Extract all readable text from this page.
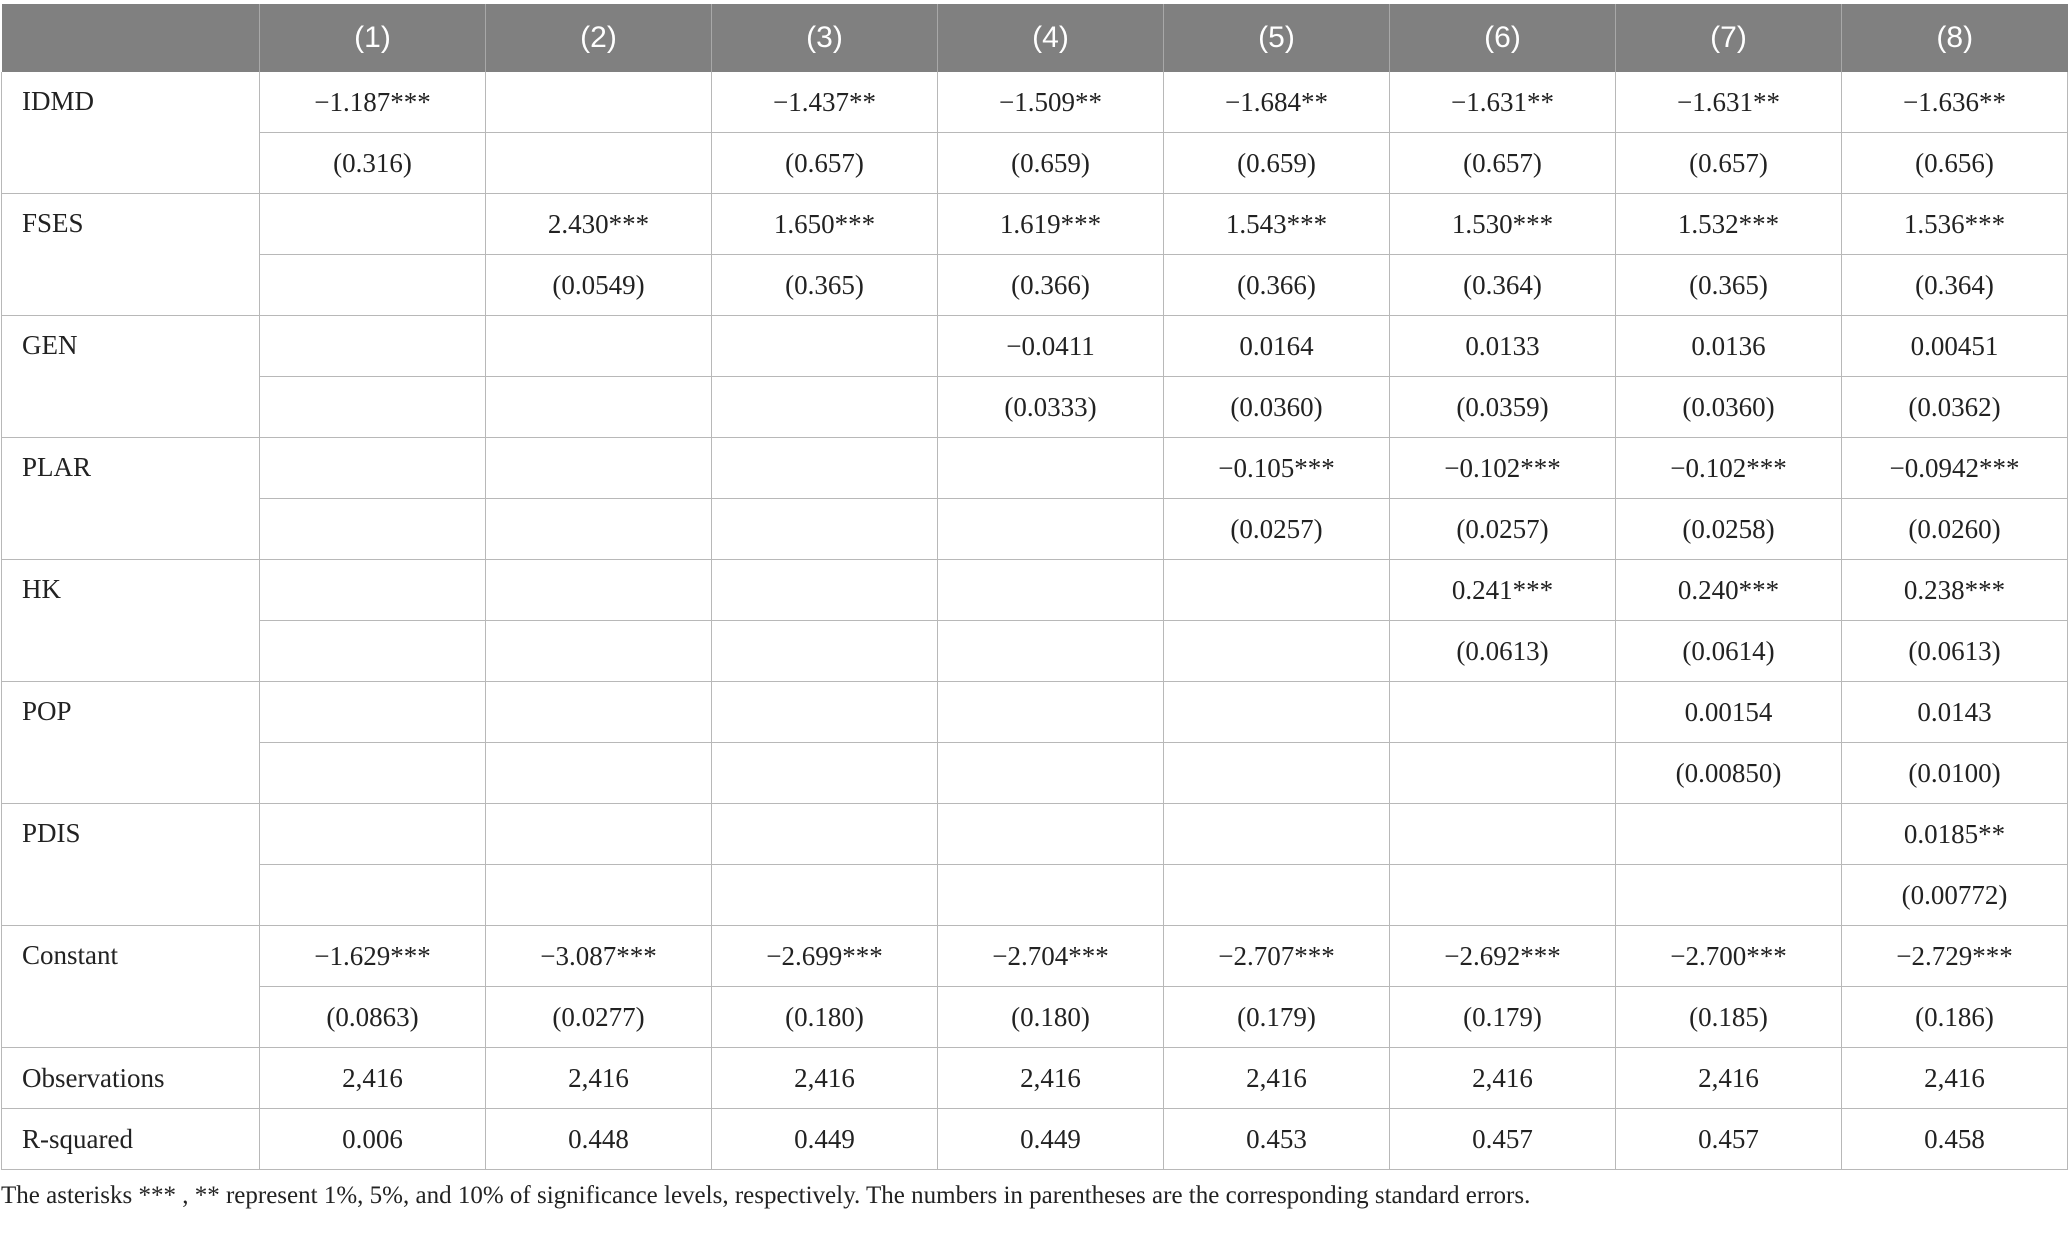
	(1)	(2)	(3)	(4)	(5)	(6)	(7)	(8)
IDMD	−1.187***		−1.437**	−1.509**	−1.684**	−1.631**	−1.631**	−1.636**
	(0.316)		(0.657)	(0.659)	(0.659)	(0.657)	(0.657)	(0.656)
FSES		2.430***	1.650***	1.619***	1.543***	1.530***	1.532***	1.536***
		(0.0549)	(0.365)	(0.366)	(0.366)	(0.364)	(0.365)	(0.364)
GEN				−0.0411	0.0164	0.0133	0.0136	0.00451
				(0.0333)	(0.0360)	(0.0359)	(0.0360)	(0.0362)
PLAR					−0.105***	−0.102***	−0.102***	−0.0942***
					(0.0257)	(0.0257)	(0.0258)	(0.0260)
HK						0.241***	0.240***	0.238***
						(0.0613)	(0.0614)	(0.0613)
POP							0.00154	0.0143
							(0.00850)	(0.0100)
PDIS								0.0185**
								(0.00772)
Constant	−1.629***	−3.087***	−2.699***	−2.704***	−2.707***	−2.692***	−2.700***	−2.729***
	(0.0863)	(0.0277)	(0.180)	(0.180)	(0.179)	(0.179)	(0.185)	(0.186)
Observations	2,416	2,416	2,416	2,416	2,416	2,416	2,416	2,416
R-squared	0.006	0.448	0.449	0.449	0.453	0.457	0.457	0.458
The asterisks *** , ** represent 1%, 5%, and 10% of significance levels, respectively. The numbers in parentheses are the corresponding standard errors.
